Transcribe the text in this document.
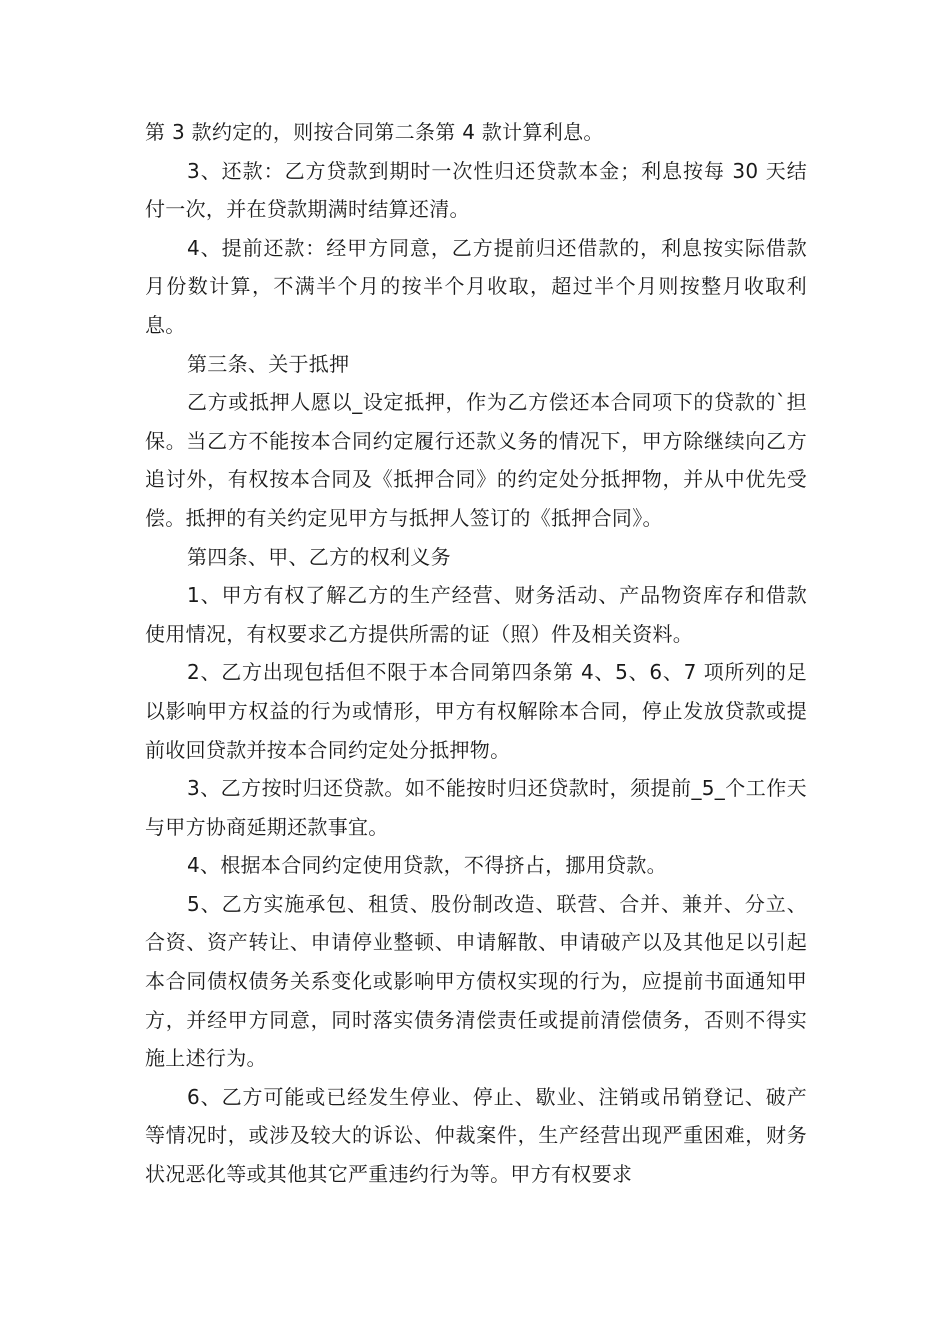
第 3 款约定的，则按合同第二条第 4 款计算利息。

3、还款：乙方贷款到期时一次性归还贷款本金；利息按每 30 天结付一次，并在贷款期满时结算还清。

4、提前还款：经甲方同意，乙方提前归还借款的，利息按实际借款月份数计算，不满半个月的按半个月收取，超过半个月则按整月收取利息。

第三条、关于抵押

乙方或抵押人愿以_设定抵押，作为乙方偿还本合同项下的贷款的`担保。当乙方不能按本合同约定履行还款义务的情况下，甲方除继续向乙方追讨外，有权按本合同及《抵押合同》的约定处分抵押物，并从中优先受偿。抵押的有关约定见甲方与抵押人签订的《抵押合同》。

第四条、甲、乙方的权利义务

1、甲方有权了解乙方的生产经营、财务活动、产品物资库存和借款使用情况，有权要求乙方提供所需的证（照）件及相关资料。

2、乙方出现包括但不限于本合同第四条第 4、5、6、7 项所列的足以影响甲方权益的行为或情形，甲方有权解除本合同，停止发放贷款或提前收回贷款并按本合同约定处分抵押物。

3、乙方按时归还贷款。如不能按时归还贷款时，须提前_5_个工作天与甲方协商延期还款事宜。

4、根据本合同约定使用贷款，不得挤占，挪用贷款。

5、乙方实施承包、租赁、股份制改造、联营、合并、兼并、分立、合资、资产转让、申请停业整顿、申请解散、申请破产以及其他足以引起本合同债权债务关系变化或影响甲方债权实现的行为，应提前书面通知甲方，并经甲方同意，同时落实债务清偿责任或提前清偿债务，否则不得实施上述行为。

6、乙方可能或已经发生停业、停止、歇业、注销或吊销登记、破产等情况时，或涉及较大的诉讼、仲裁案件，生产经营出现严重困难，财务状况恶化等或其他其它严重违约行为等。甲方有权要求
